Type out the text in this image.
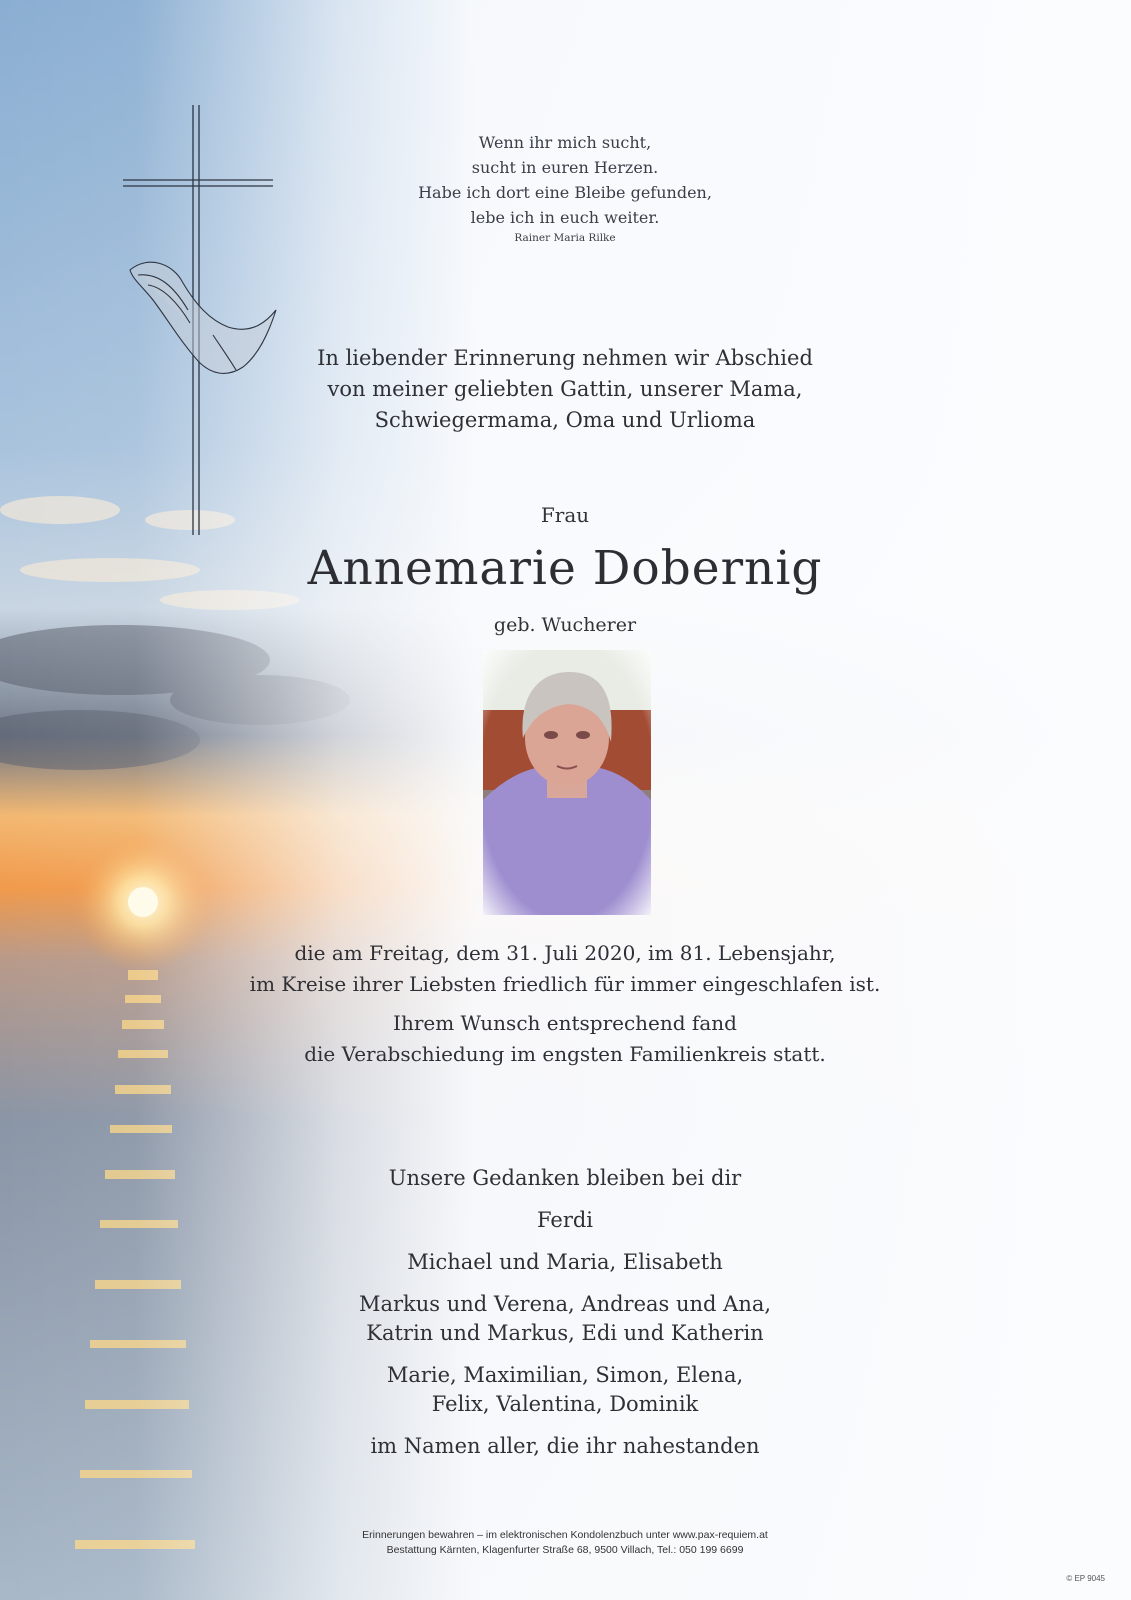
Wenn ihr mich sucht,
sucht in euren Herzen.
Habe ich dort eine Bleibe gefunden,
lebe ich in euch weiter.
Rainer Maria Rilke
In liebender Erinnerung nehmen wir Abschied
von meiner geliebten Gattin, unserer Mama,
Schwiegermama, Oma und Urlioma
Frau
Annemarie Dobernig
geb. Wucherer
die am Freitag, dem 31. Juli 2020, im 81. Lebensjahr,
im Kreise ihrer Liebsten friedlich für immer eingeschlafen ist.
Ihrem Wunsch entsprechend fand
die Verabschiedung im engsten Familienkreis statt.
Unsere Gedanken bleiben bei dir
Ferdi
Michael und Maria, Elisabeth
Markus und Verena, Andreas und Ana,
Katrin und Markus, Edi und Katherin
Marie, Maximilian, Simon, Elena,
Felix, Valentina, Dominik
im Namen aller, die ihr nahestanden
Erinnerungen bewahren – im elektronischen Kondolenzbuch unter www.pax-requiem.at
Bestattung Kärnten, Klagenfurter Straße 68, 9500 Villach, Tel.: 050 199 6699
© EP 9045
